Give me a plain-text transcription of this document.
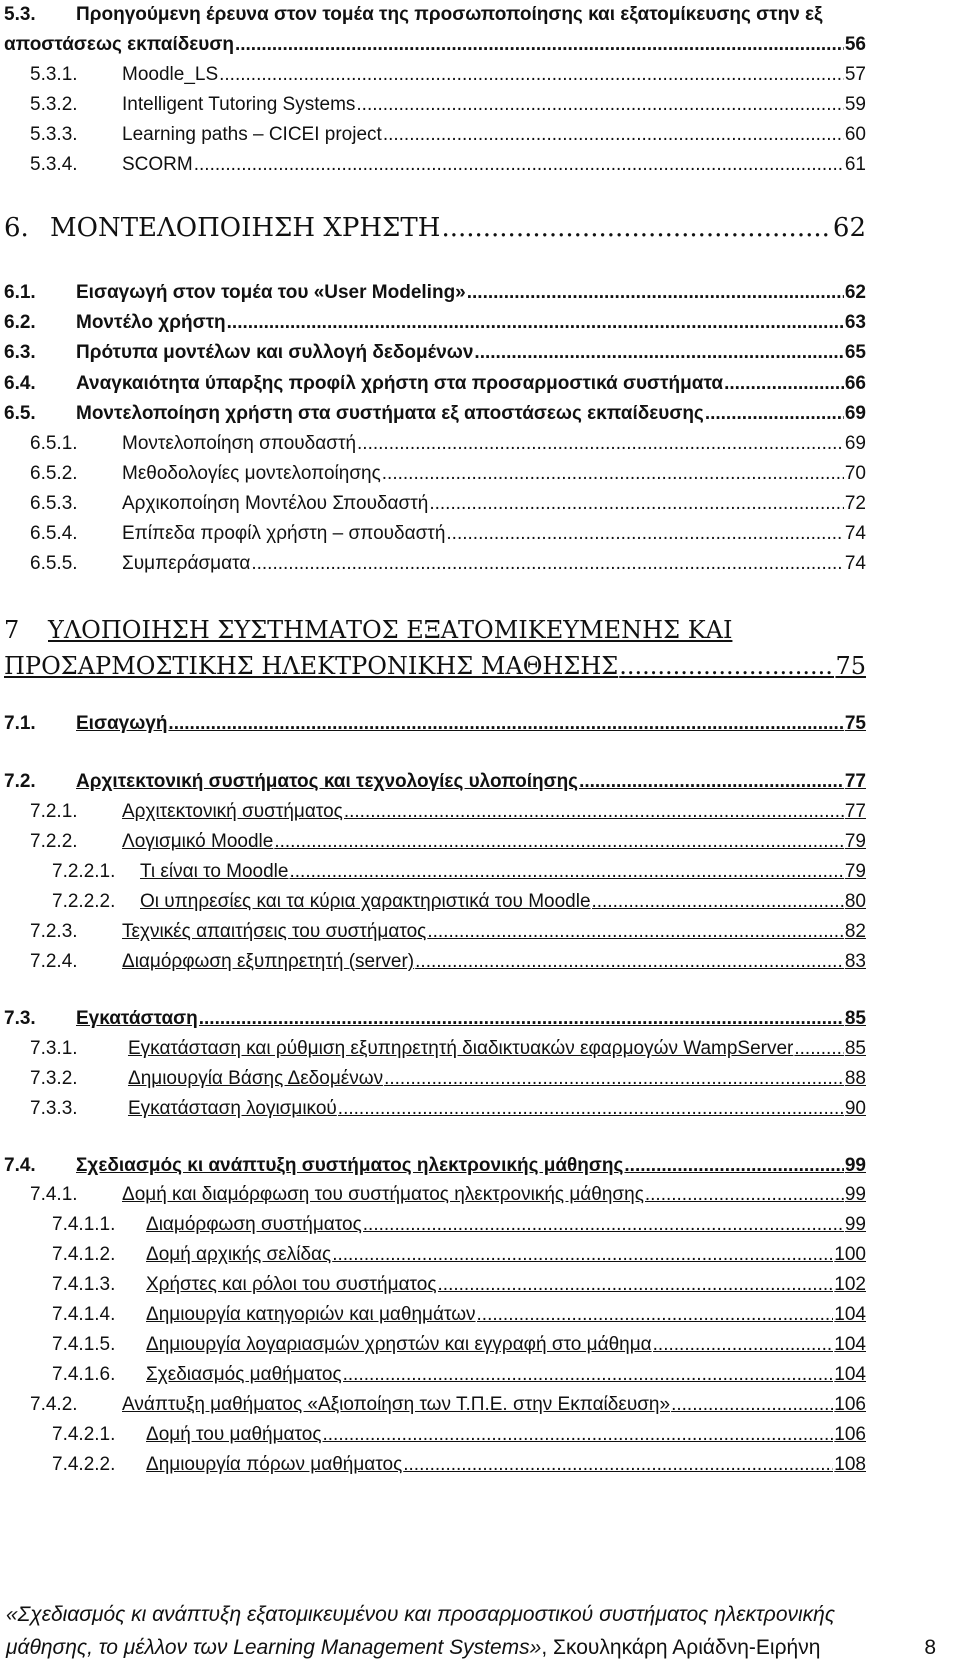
5.3.	Προηγούμενη έρευνα στον τομέα της προσωποποίησης και εξατομίκευσης στην εξ
αποστάσεως εκπαίδευση .....	56
5.3.1.	Moodle_LS .....	57
5.3.2.	Intelligent Tutoring Systems .....	59
5.3.3.	Learning paths – CICEI project .....	60
5.3.4.	SCORM .....	61
6. ΜΟΝΤΕΛΟΠΟΙΗΣΗ ΧΡΗΣΤΗ .....	62
6.1.	Εισαγωγή στον τομέα του «User Modeling» .....	62
6.2.	Μοντέλο χρήστη .....	63
6.3.	Πρότυπα μοντέλων και συλλογή δεδομένων .....	65
6.4.	Αναγκαιότητα ύπαρξης προφίλ χρήστη στα προσαρμοστικά συστήματα .....	66
6.5.	Μοντελοποίηση χρήστη στα συστήματα εξ αποστάσεως εκπαίδευσης .....	69
6.5.1.	Μοντελοποίηση σπουδαστή .....	69
6.5.2.	Μεθοδολογίες μοντελοποίησης .....	70
6.5.3.	Αρχικοποίηση Μοντέλου Σπουδαστή .....	72
6.5.4.	Επίπεδα προφίλ χρήστη – σπουδαστή .....	74
6.5.5.	Συμπεράσματα .....	74
7	ΥΛΟΠΟΙΗΣΗ ΣΥΣΤΗΜΑΤΟΣ ΕΞΑΤΟΜΙΚΕΥΜΕΝΗΣ ΚΑΙ
ΠΡΟΣΑΡΜΟΣΤΙΚΗΣ ΗΛΕΚΤΡΟΝΙΚΗΣ ΜΑΘΗΣΗΣ .....	75
7.1.	Εισαγωγή .....	75
7.2.	Αρχιτεκτονική συστήματος και τεχνολογίες υλοποίησης .....	77
7.2.1.	Αρχιτεκτονική συστήματος .....	77
7.2.2.	Λογισμικό Moodle .....	79
7.2.2.1.	Τι είναι το Moodle .....	79
7.2.2.2.	Οι υπηρεσίες και τα κύρια χαρακτηριστικά του Moodle .....	80
7.2.3.	Τεχνικές απαιτήσεις του συστήματος .....	82
7.2.4.	Διαμόρφωση εξυπηρετητή (server) .....	83
7.3.	Εγκατάσταση .....	85
7.3.1.	Εγκατάσταση και ρύθμιση εξυπηρετητή διαδικτυακών εφαρμογών WampServer .....	85
7.3.2.	Δημιουργία Βάσης Δεδομένων .....	88
7.3.3.	Εγκατάσταση λογισμικού .....	90
7.4.	Σχεδιασμός κι ανάπτυξη συστήματος ηλεκτρονικής μάθησης .....	99
7.4.1.	Δομή και διαμόρφωση του συστήματος ηλεκτρονικής μάθησης .....	99
7.4.1.1.	Διαμόρφωση συστήματος .....	99
7.4.1.2.	Δομή αρχικής σελίδας .....	100
7.4.1.3.	Χρήστες και ρόλοι του συστήματος .....	102
7.4.1.4.	Δημιουργία κατηγοριών και μαθημάτων .....	104
7.4.1.5.	Δημιουργία λογαριασμών χρηστών και εγγραφή στο μάθημα .....	104
7.4.1.6.	Σχεδιασμός μαθήματος .....	104
7.4.2.	Ανάπτυξη μαθήματος «Αξιοποίηση των Τ.Π.Ε. στην Εκπαίδευση» .....	106
7.4.2.1.	Δομή του μαθήματος .....	106
7.4.2.2.	Δημιουργία πόρων μαθήματος .....	108
«Σχεδιασμός κι ανάπτυξη εξατομικευμένου και προσαρμοστικού συστήματος ηλεκτρονικής
μάθησης, το μέλλον των Learning Management Systems», Σκουληκάρη Αριάδνη-Ειρήνη	8
